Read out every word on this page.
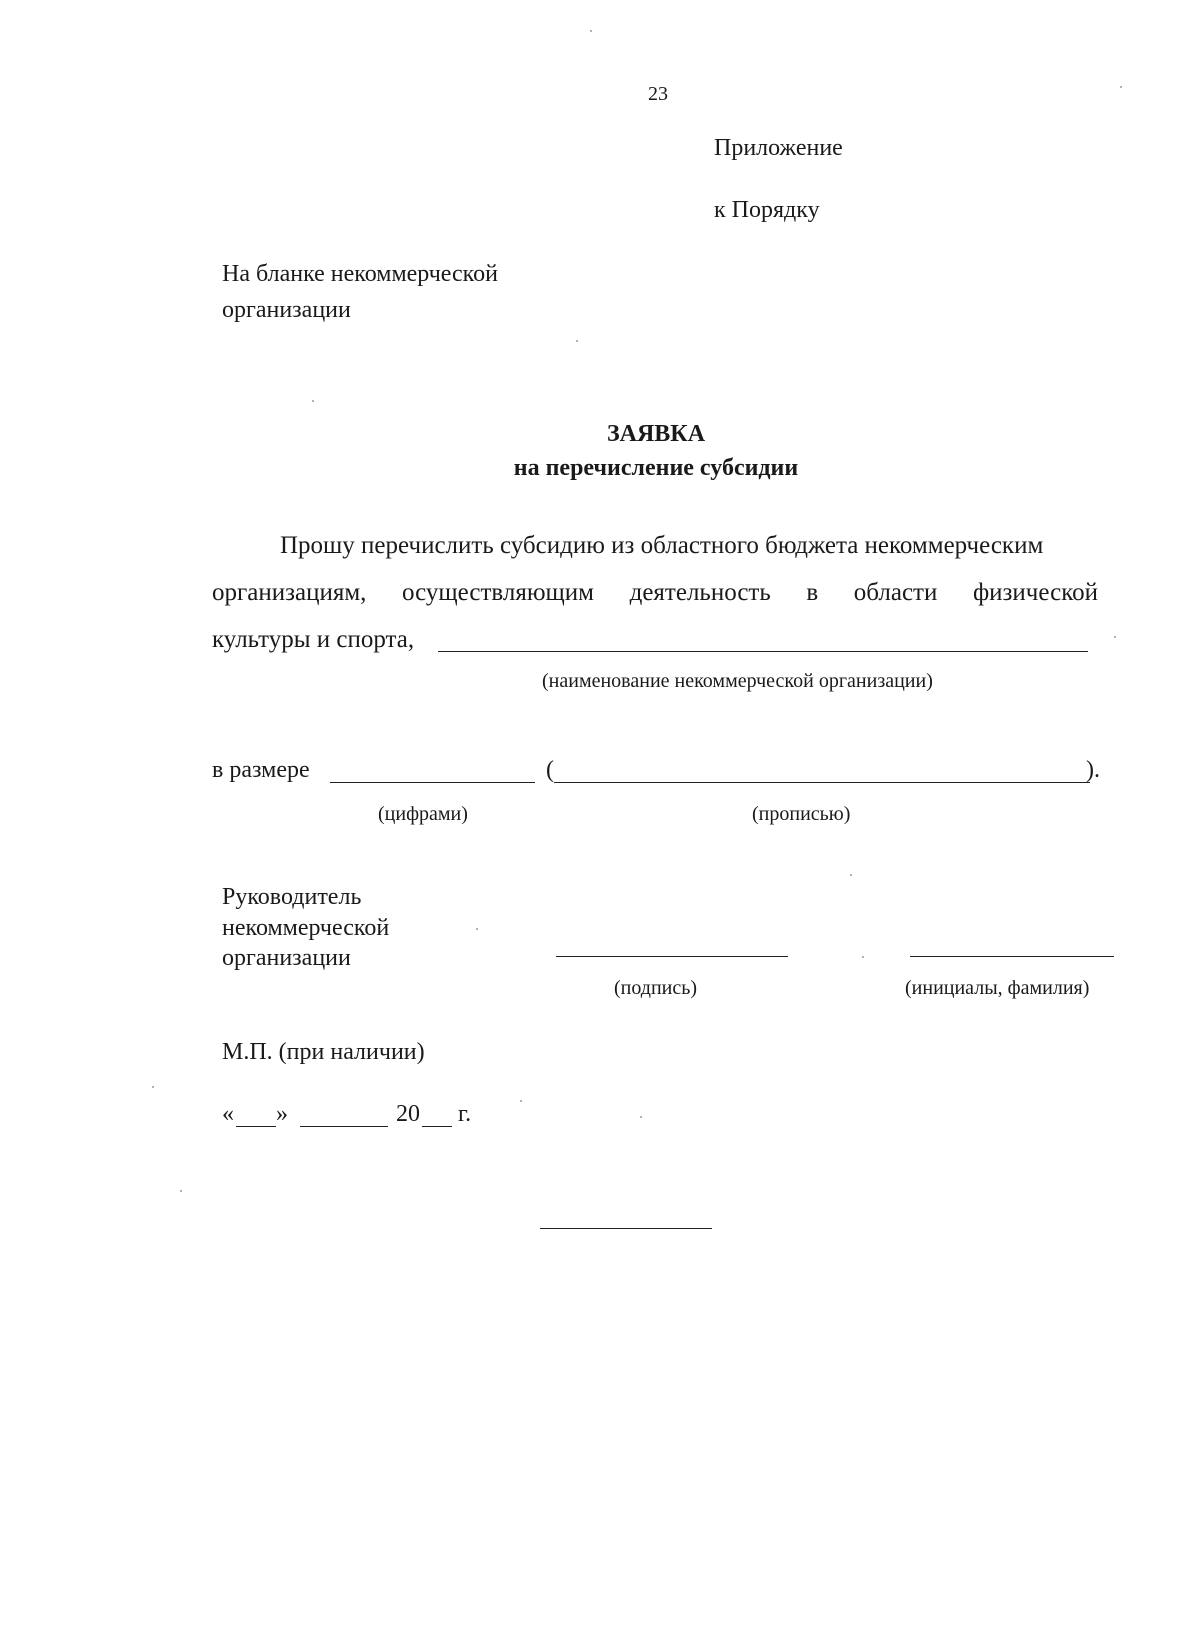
23
Приложение
к Порядку
На бланке некоммерческой
организации
ЗАЯВКА
на перечисление субсидии
Прошу перечислить субсидию из областного бюджета некоммерческим
организациям, осуществляющим деятельность в области физической
культуры и спорта,
(наименование некоммерческой организации)
в размере	(	).
(цифрами)	(прописью)
Руководитель
некоммерческой
организации
(подпись)	(инициалы, фамилия)
М.П. (при наличии)
« »	20 г.
